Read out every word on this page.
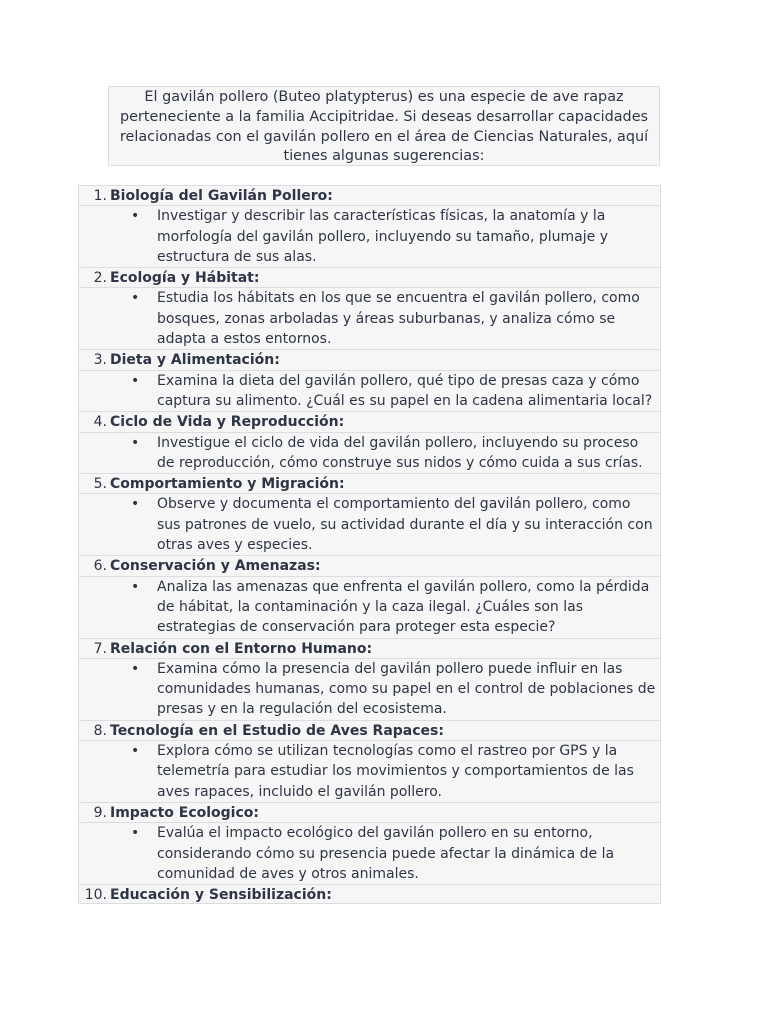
El gavilán pollero (Buteo platypterus) es una especie de ave rapaz perteneciente a la familia Accipitridae. Si deseas desarrollar capacidades relacionadas con el gavilán pollero en el área de Ciencias Naturales, aquí tienes algunas sugerencias:
1. Biología del Gavilán Pollero:
• Investigar y describir las características físicas, la anatomía y la morfología del gavilán pollero, incluyendo su tamaño, plumaje y estructura de sus alas.
2. Ecología y Hábitat:
• Estudia los hábitats en los que se encuentra el gavilán pollero, como bosques, zonas arboladas y áreas suburbanas, y analiza cómo se adapta a estos entornos.
3. Dieta y Alimentación:
• Examina la dieta del gavilán pollero, qué tipo de presas caza y cómo captura su alimento. ¿Cuál es su papel en la cadena alimentaria local?
4. Ciclo de Vida y Reproducción:
• Investigue el ciclo de vida del gavilán pollero, incluyendo su proceso de reproducción, cómo construye sus nidos y cómo cuida a sus crías.
5. Comportamiento y Migración:
• Observe y documenta el comportamiento del gavilán pollero, como sus patrones de vuelo, su actividad durante el día y su interacción con otras aves y especies.
6. Conservación y Amenazas:
• Analiza las amenazas que enfrenta el gavilán pollero, como la pérdida de hábitat, la contaminación y la caza ilegal. ¿Cuáles son las estrategias de conservación para proteger esta especie?
7. Relación con el Entorno Humano:
• Examina cómo la presencia del gavilán pollero puede influir en las comunidades humanas, como su papel en el control de poblaciones de presas y en la regulación del ecosistema.
8. Tecnología en el Estudio de Aves Rapaces:
• Explora cómo se utilizan tecnologías como el rastreo por GPS y la telemetría para estudiar los movimientos y comportamientos de las aves rapaces, incluido el gavilán pollero.
9. Impacto Ecologico:
• Evalúa el impacto ecológico del gavilán pollero en su entorno, considerando cómo su presencia puede afectar la dinámica de la comunidad de aves y otros animales.
10. Educación y Sensibilización:
